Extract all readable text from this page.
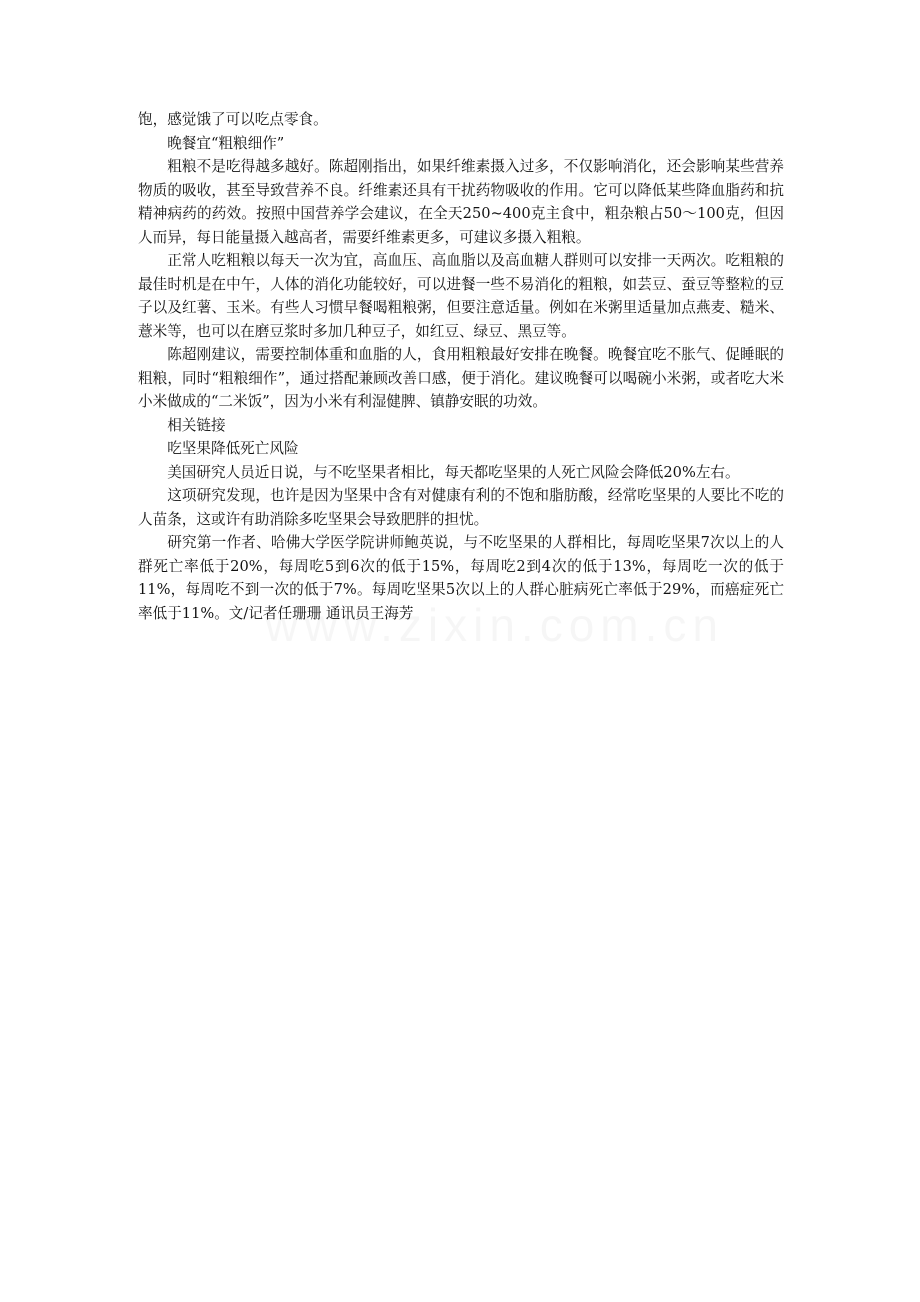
饱，感觉饿了可以吃点零食。

晚餐宜“粗粮细作”

粗粮不是吃得越多越好。陈超刚指出，如果纤维素摄入过多，不仅影响消化，还会影响某些营养物质的吸收，甚至导致营养不良。纤维素还具有干扰药物吸收的作用。它可以降低某些降血脂药和抗精神病药的药效。按照中国营养学会建议，在全天250~400克主食中，粗杂粮占50～100克，但因人而异，每日能量摄入越高者，需要纤维素更多，可建议多摄入粗粮。

正常人吃粗粮以每天一次为宜，高血压、高血脂以及高血糖人群则可以安排一天两次。吃粗粮的最佳时机是在中午，人体的消化功能较好，可以进餐一些不易消化的粗粮，如芸豆、蚕豆等整粒的豆子以及红薯、玉米。有些人习惯早餐喝粗粮粥，但要注意适量。例如在米粥里适量加点燕麦、糙米、薏米等，也可以在磨豆浆时多加几种豆子，如红豆、绿豆、黑豆等。

陈超刚建议，需要控制体重和血脂的人，食用粗粮最好安排在晚餐。晚餐宜吃不胀气、促睡眠的粗粮，同时“粗粮细作”，通过搭配兼顾改善口感，便于消化。建议晚餐可以喝碗小米粥，或者吃大米小米做成的“二米饭”，因为小米有利湿健脾、镇静安眠的功效。

相关链接

吃坚果降低死亡风险

美国研究人员近日说，与不吃坚果者相比，每天都吃坚果的人死亡风险会降低20%左右。

这项研究发现，也许是因为坚果中含有对健康有利的不饱和脂肪酸，经常吃坚果的人要比不吃的人苗条，这或许有助消除多吃坚果会导致肥胖的担忧。

研究第一作者、哈佛大学医学院讲师鲍英说，与不吃坚果的人群相比，每周吃坚果7次以上的人群死亡率低于20%，每周吃5到6次的低于15%，每周吃2到4次的低于13%，每周吃一次的低于11%，每周吃不到一次的低于7%。每周吃坚果5次以上的人群心脏病死亡率低于29%，而癌症死亡率低于11%。文/记者任珊珊 通讯员王海芳
